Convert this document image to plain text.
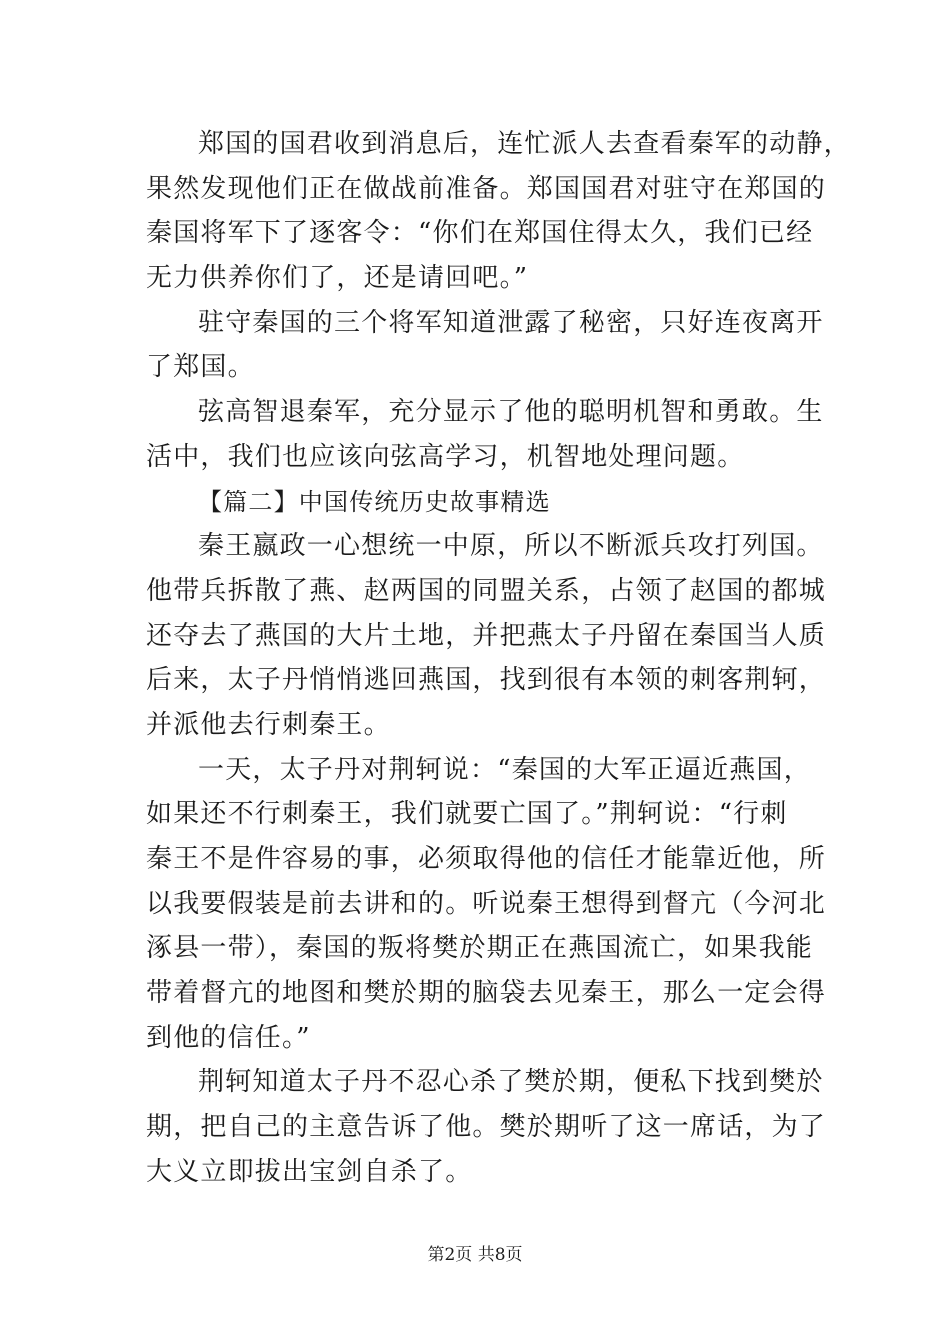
郑国的国君收到消息后，连忙派人去查看秦军的动静，
果然发现他们正在做战前准备。郑国国君对驻守在郑国的
秦国将军下了逐客令：“你们在郑国住得太久，我们已经
无力供养你们了，还是请回吧。”
驻守秦国的三个将军知道泄露了秘密，只好连夜离开
了郑国。
弦高智退秦军，充分显示了他的聪明机智和勇敢。生
活中，我们也应该向弦高学习，机智地处理问题。
【篇二】中国传统历史故事精选
秦王嬴政一心想统一中原，所以不断派兵攻打列国。
他带兵拆散了燕、赵两国的同盟关系，占领了赵国的都城
还夺去了燕国的大片土地，并把燕太子丹留在秦国当人质
后来，太子丹悄悄逃回燕国，找到很有本领的刺客荆轲，
并派他去行刺秦王。
一天，太子丹对荆轲说：“秦国的大军正逼近燕国，
如果还不行刺秦王，我们就要亡国了。”荆轲说：“行刺
秦王不是件容易的事，必须取得他的信任才能靠近他，所
以我要假装是前去讲和的。听说秦王想得到督亢（今河北
涿县一带），秦国的叛将樊於期正在燕国流亡，如果我能
带着督亢的地图和樊於期的脑袋去见秦王，那么一定会得
到他的信任。”
荆轲知道太子丹不忍心杀了樊於期，便私下找到樊於
期，把自己的主意告诉了他。樊於期听了这一席话，为了
大义立即拔出宝剑自杀了。
第2页 共8页
